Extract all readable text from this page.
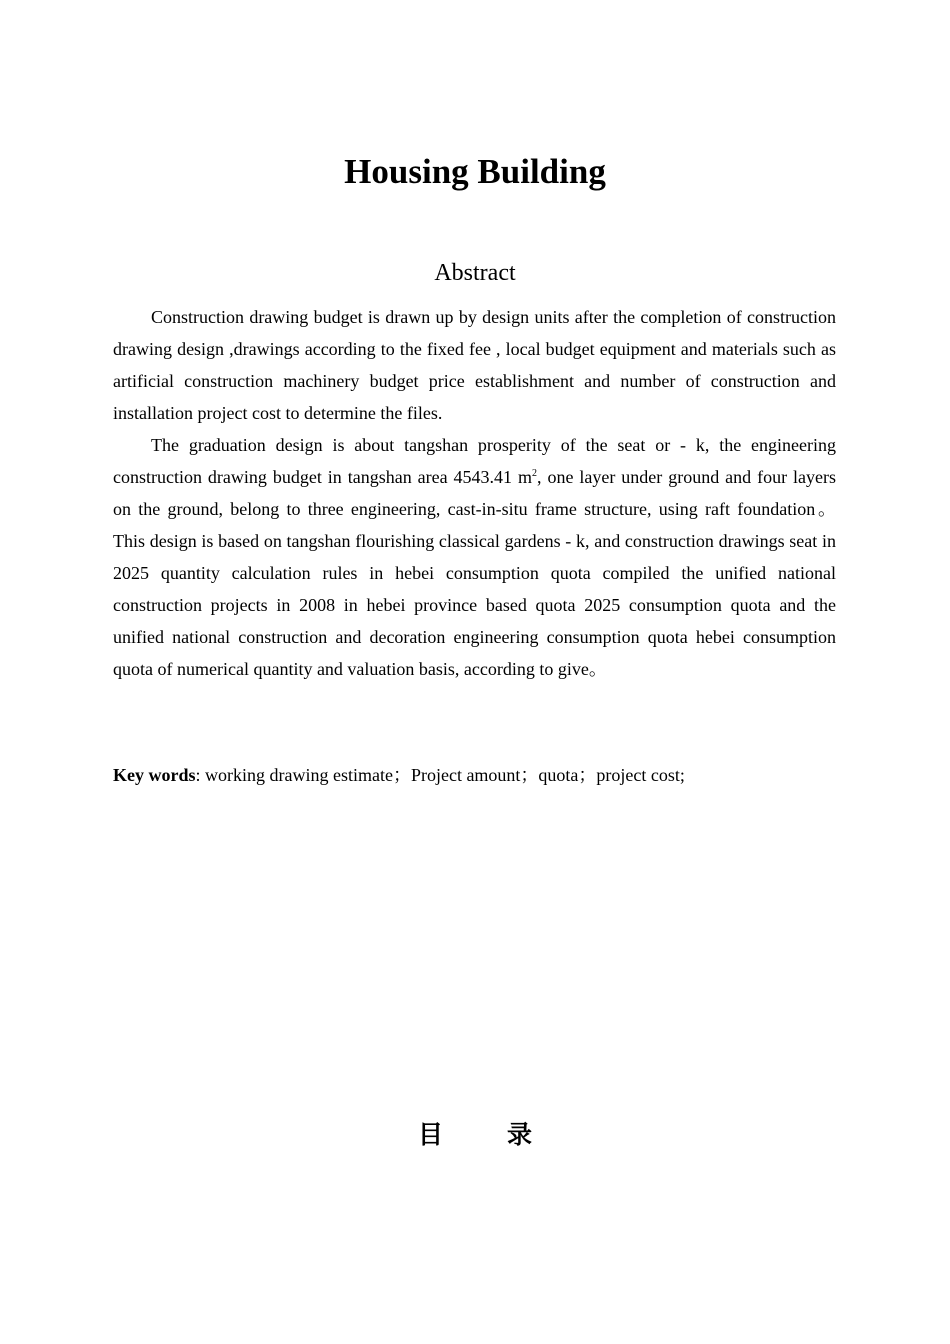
Housing Building
Abstract

Construction drawing budget is drawn up by design units after the completion of construction drawing design ,drawings according to the fixed fee , local budget equipment and materials such as artificial construction machinery budget price establishment and number of construction and installation project cost to determine the files.

The graduation design is about tangshan prosperity of the seat or - k, the engineering construction drawing budget in tangshan area 4543.41 $m^2$, one layer under ground and four layers on the ground, belong to three engineering, cast-in-situ frame structure, using raft foundation。 This design is based on tangshan flourishing classical gardens - k, and construction drawings seat in 2025 quantity calculation rules in hebei consumption quota compiled the unified national construction projects in 2008 in hebei province based quota 2025 consumption quota and the unified national construction and decoration engineering consumption quota hebei consumption quota of numerical quantity and valuation basis, according to give。

Key words: working drawing estimate；Project amount；quota；project cost;

目	录
